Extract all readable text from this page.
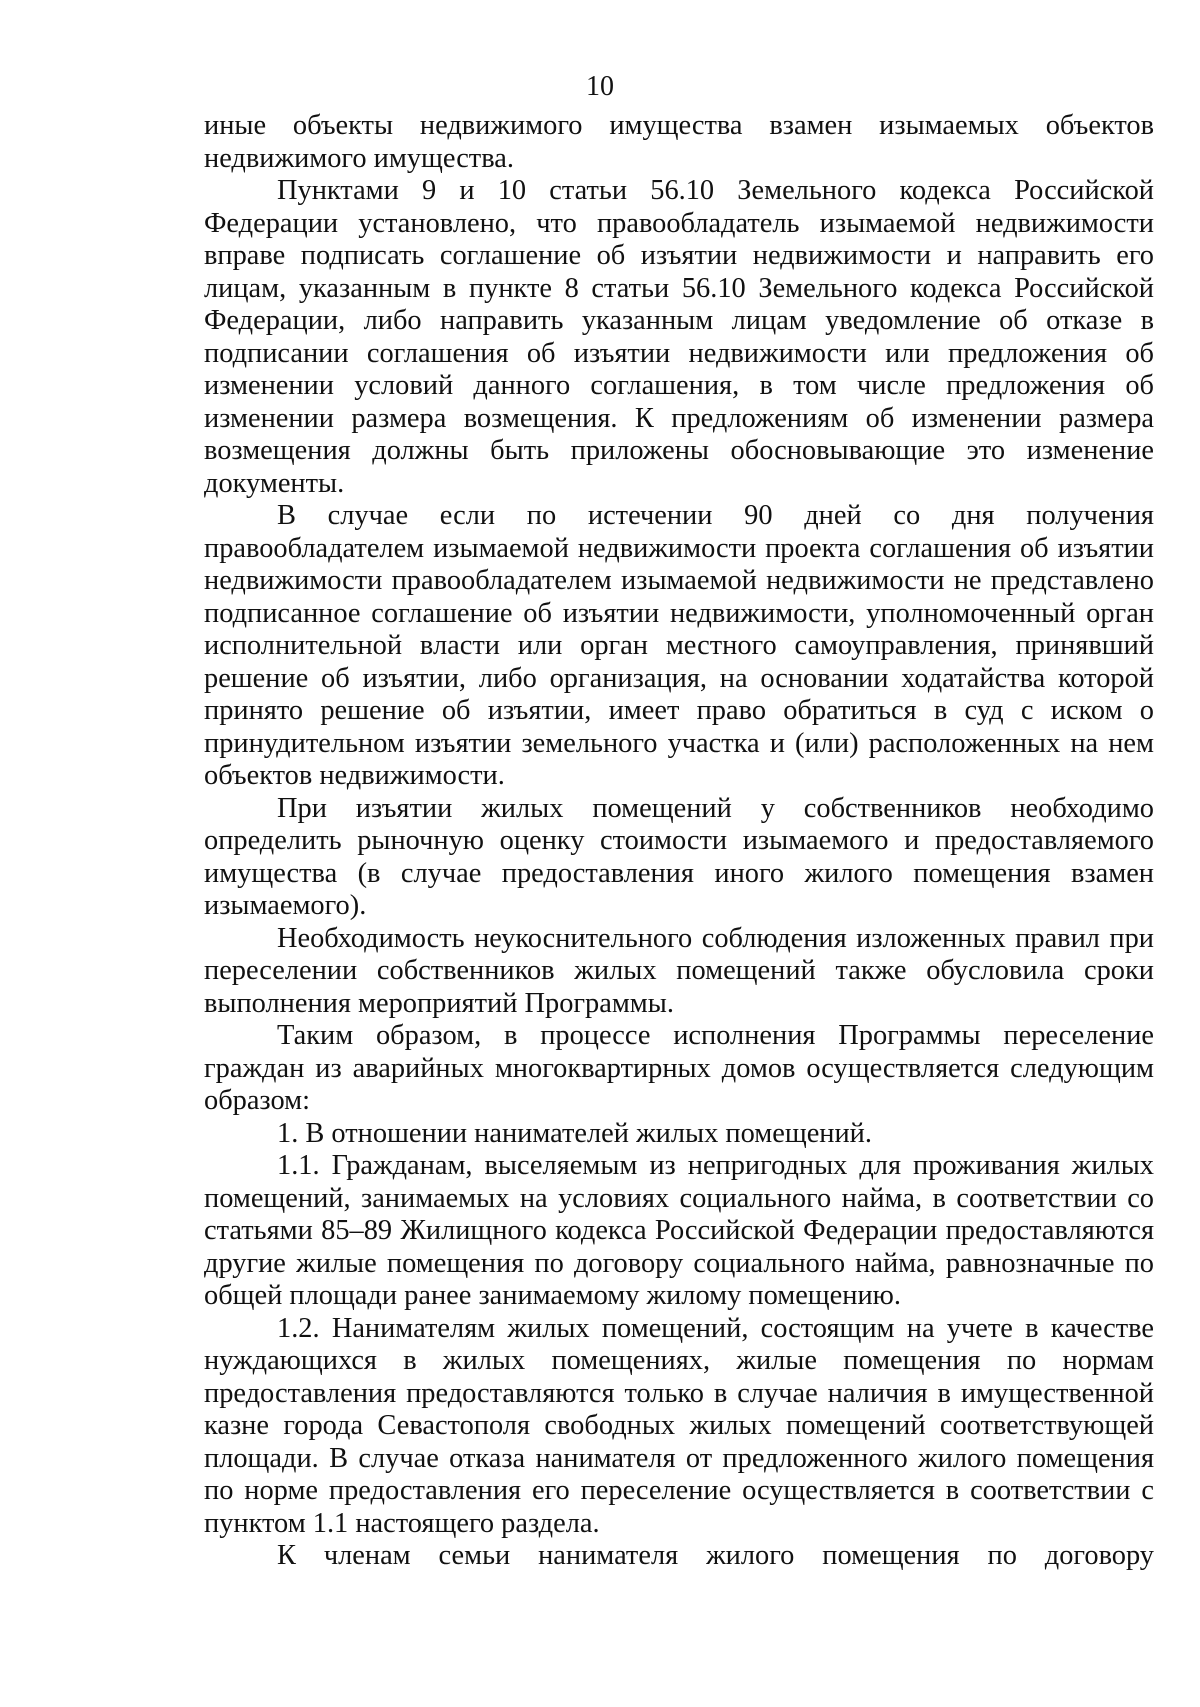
10

иные объекты недвижимого имущества взамен изымаемых объектов недвижимого имущества.

Пунктами 9 и 10 статьи 56.10 Земельного кодекса Российской Федерации установлено, что правообладатель изымаемой недвижимости вправе подписать соглашение об изъятии недвижимости и направить его лицам, указанным в пункте 8 статьи 56.10 Земельного кодекса Российской Федерации, либо направить указанным лицам уведомление об отказе в подписании соглашения об изъятии недвижимости или предложения об изменении условий данного соглашения, в том числе предложения об изменении размера возмещения. К предложениям об изменении размера возмещения должны быть приложены обосновывающие это изменение документы.

В случае если по истечении 90 дней со дня получения правообладателем изымаемой недвижимости проекта соглашения об изъятии недвижимости правообладателем изымаемой недвижимости не представлено подписанное соглашение об изъятии недвижимости, уполномоченный орган исполнительной власти или орган местного самоуправления, принявший решение об изъятии, либо организация, на основании ходатайства которой принято решение об изъятии, имеет право обратиться в суд с иском о принудительном изъятии земельного участка и (или) расположенных на нем объектов недвижимости.

При изъятии жилых помещений у собственников необходимо определить рыночную оценку стоимости изымаемого и предоставляемого имущества (в случае предоставления иного жилого помещения взамен изымаемого).

Необходимость неукоснительного соблюдения изложенных правил при переселении собственников жилых помещений также обусловила сроки выполнения мероприятий Программы.

Таким образом, в процессе исполнения Программы переселение граждан из аварийных многоквартирных домов осуществляется следующим образом:

1. В отношении нанимателей жилых помещений.

1.1. Гражданам, выселяемым из непригодных для проживания жилых помещений, занимаемых на условиях социального найма, в соответствии со статьями 85–89 Жилищного кодекса Российской Федерации предоставляются другие жилые помещения по договору социального найма, равнозначные по общей площади ранее занимаемому жилому помещению.

1.2. Нанимателям жилых помещений, состоящим на учете в качестве нуждающихся в жилых помещениях, жилые помещения по нормам предоставления предоставляются только в случае наличия в имущественной казне города Севастополя свободных жилых помещений соответствующей площади. В случае отказа нанимателя от предложенного жилого помещения по норме предоставления его переселение осуществляется в соответствии с пунктом 1.1 настоящего раздела.

К членам семьи нанимателя жилого помещения по договору
